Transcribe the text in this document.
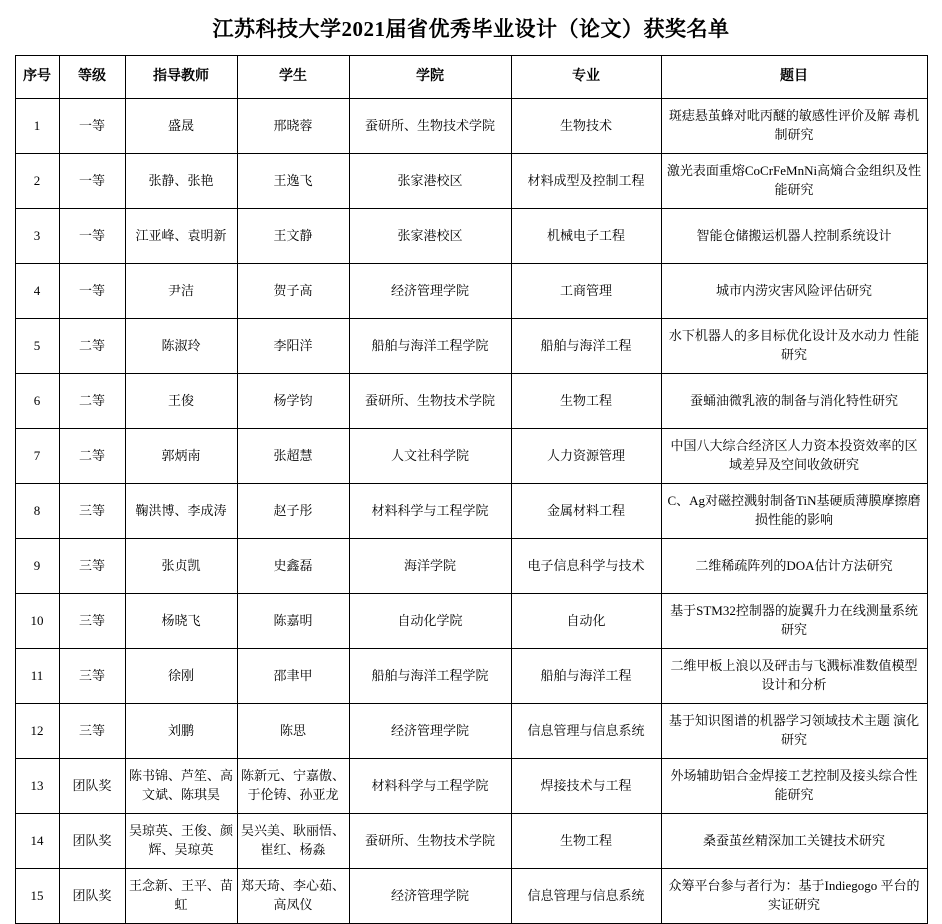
江苏科技大学2021届省优秀毕业设计（论文）获奖名单
序号	等级	指导教师	学生	学院	专业	题目
1	一等	盛晟	邢晓蓉	蚕研所、生物技术学院	生物技术	斑痣悬茧蜂对吡丙醚的敏感性评价及解 毒机制研究
2	一等	张静、张艳	王逸飞	张家港校区	材料成型及控制工程	激光表面重熔CoCrFeMnNi高熵合金组织及性能研究
3	一等	江亚峰、袁明新	王文静	张家港校区	机械电子工程	智能仓储搬运机器人控制系统设计
4	一等	尹洁	贺子高	经济管理学院	工商管理	城市内涝灾害风险评估研究
5	二等	陈淑玲	李阳洋	船舶与海洋工程学院	船舶与海洋工程	水下机器人的多目标优化设计及水动力 性能研究
6	二等	王俊	杨学钧	蚕研所、生物技术学院	生物工程	蚕蛹油微乳液的制备与消化特性研究
7	二等	郭炳南	张超慧	人文社科学院	人力资源管理	中国八大综合经济区人力资本投资效率的区域差异及空间收敛研究
8	三等	鞠洪博、李成涛	赵子彤	材料科学与工程学院	金属材料工程	C、Ag对磁控溅射制备TiN基硬质薄膜摩擦磨损性能的影响
9	三等	张贞凯	史鑫磊	海洋学院	电子信息科学与技术	二维稀疏阵列的DOA估计方法研究
10	三等	杨晓飞	陈嘉明	自动化学院	自动化	基于STM32控制器的旋翼升力在线测量系统研究
11	三等	徐刚	邵聿甲	船舶与海洋工程学院	船舶与海洋工程	二维甲板上浪以及砰击与飞溅标准数值模型设计和分析
12	三等	刘鹏	陈思	经济管理学院	信息管理与信息系统	基于知识图谱的机器学习领域技术主题 演化研究
13	团队奖	陈书锦、芦笙、高文斌、陈琪昊	陈新元、宁嘉傲、于伦铸、孙亚龙	材料科学与工程学院	焊接技术与工程	外场辅助铝合金焊接工艺控制及接头综合性能研究
14	团队奖	吴琼英、王俊、颜 辉、吴琼英	吴兴美、耿丽悟、崔红、杨淼	蚕研所、生物技术学院	生物工程	桑蚕茧丝精深加工关键技术研究
15	团队奖	王念新、王平、苗 虹	郑天琦、李心茹、高凤仪	经济管理学院	信息管理与信息系统	众筹平台参与者行为：基于Indiegogo 平台的实证研究
